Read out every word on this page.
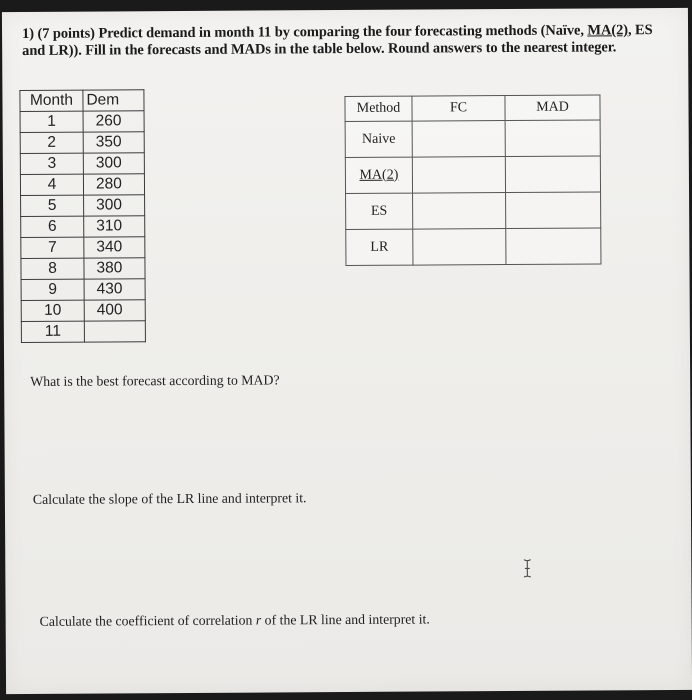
1) (7 points) Predict demand in month 11 by comparing the four forecasting methods (Naïve, MA(2), ES and LR)). Fill in the forecasts and MADs in the table below. Round answers to the nearest integer.
Month	Dem
1	260
2	350
3	300
4	280
5	300
6	310
7	340
8	380
9	430
10	400
11	
Method	FC	MAD
Naive		
MA(2)		
ES		
LR		
What is the best forecast according to MAD?
Calculate the slope of the LR line and interpret it.
Calculate the coefficient of correlation r of the LR line and interpret it.
